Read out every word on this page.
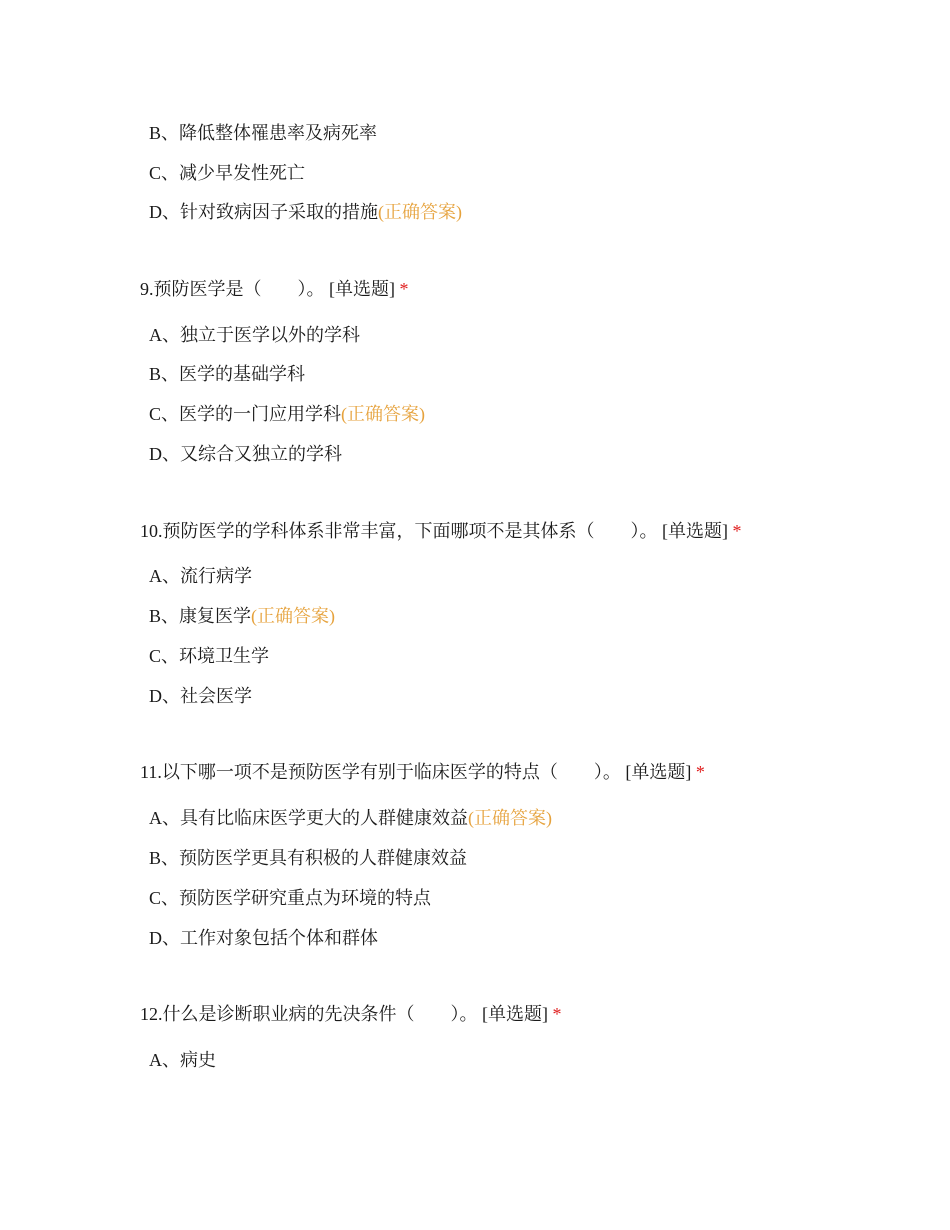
B、降低整体罹患率及病死率
C、减少早发性死亡
D、针对致病因子采取的措施(正确答案)
9.预防医学是（　　）。 [单选题] *
A、独立于医学以外的学科
B、医学的基础学科
C、医学的一门应用学科(正确答案)
D、又综合又独立的学科
10.预防医学的学科体系非常丰富，下面哪项不是其体系（　　）。 [单选题] *
A、流行病学
B、康复医学(正确答案)
C、环境卫生学
D、社会医学
11.以下哪一项不是预防医学有别于临床医学的特点（　　）。 [单选题] *
A、具有比临床医学更大的人群健康效益(正确答案)
B、预防医学更具有积极的人群健康效益
C、预防医学研究重点为环境的特点
D、工作对象包括个体和群体
12.什么是诊断职业病的先决条件（　　）。 [单选题] *
A、病史
